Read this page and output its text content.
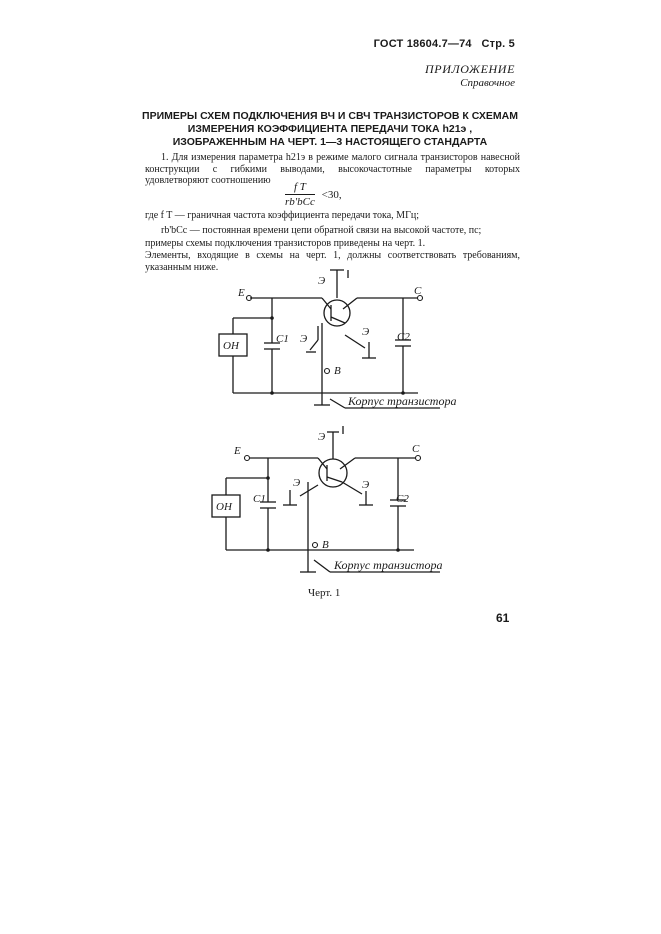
ГОСТ 18604.7—74 Стр. 5
ПРИЛОЖЕНИЕ
Справочное
ПРИМЕРЫ СХЕМ ПОДКЛЮЧЕНИЯ ВЧ И СВЧ ТРАНЗИСТОРОВ К СХЕМАМ
ИЗМЕРЕНИЯ КОЭФФИЦИЕНТА ПЕРЕДАЧИ ТОКА h21э ,
ИЗОБРАЖЕННЫМ НА ЧЕРТ. 1—3 НАСТОЯЩЕГО СТАНДАРТА
1. Для измерения параметра h21э в режиме малого сигнала транзисторов навесной конструкции с гибкими выводами, высокочастотные параметры которых удовлетворяют соотношению
$\frac{\text{f T}}{\text{rb'bCc}} <30$,
где f T — граничная частота коэффициента передачи тока, МГц;
rb'bCc — постоянная времени цепи обратной связи на высокой частоте, пс;
примеры схемы подключения транзисторов приведены на черт. 1.
Элементы, входящие в схемы на черт. 1, должны соответствовать требованиям, указанным ниже.
Э
Э
Э
E	C
B
C1	C2
ОН
Корпус транзистора
Э
Э	Э
E	C
B
C1	C2
ОН
Корпус транзистора
Черт. 1
61
